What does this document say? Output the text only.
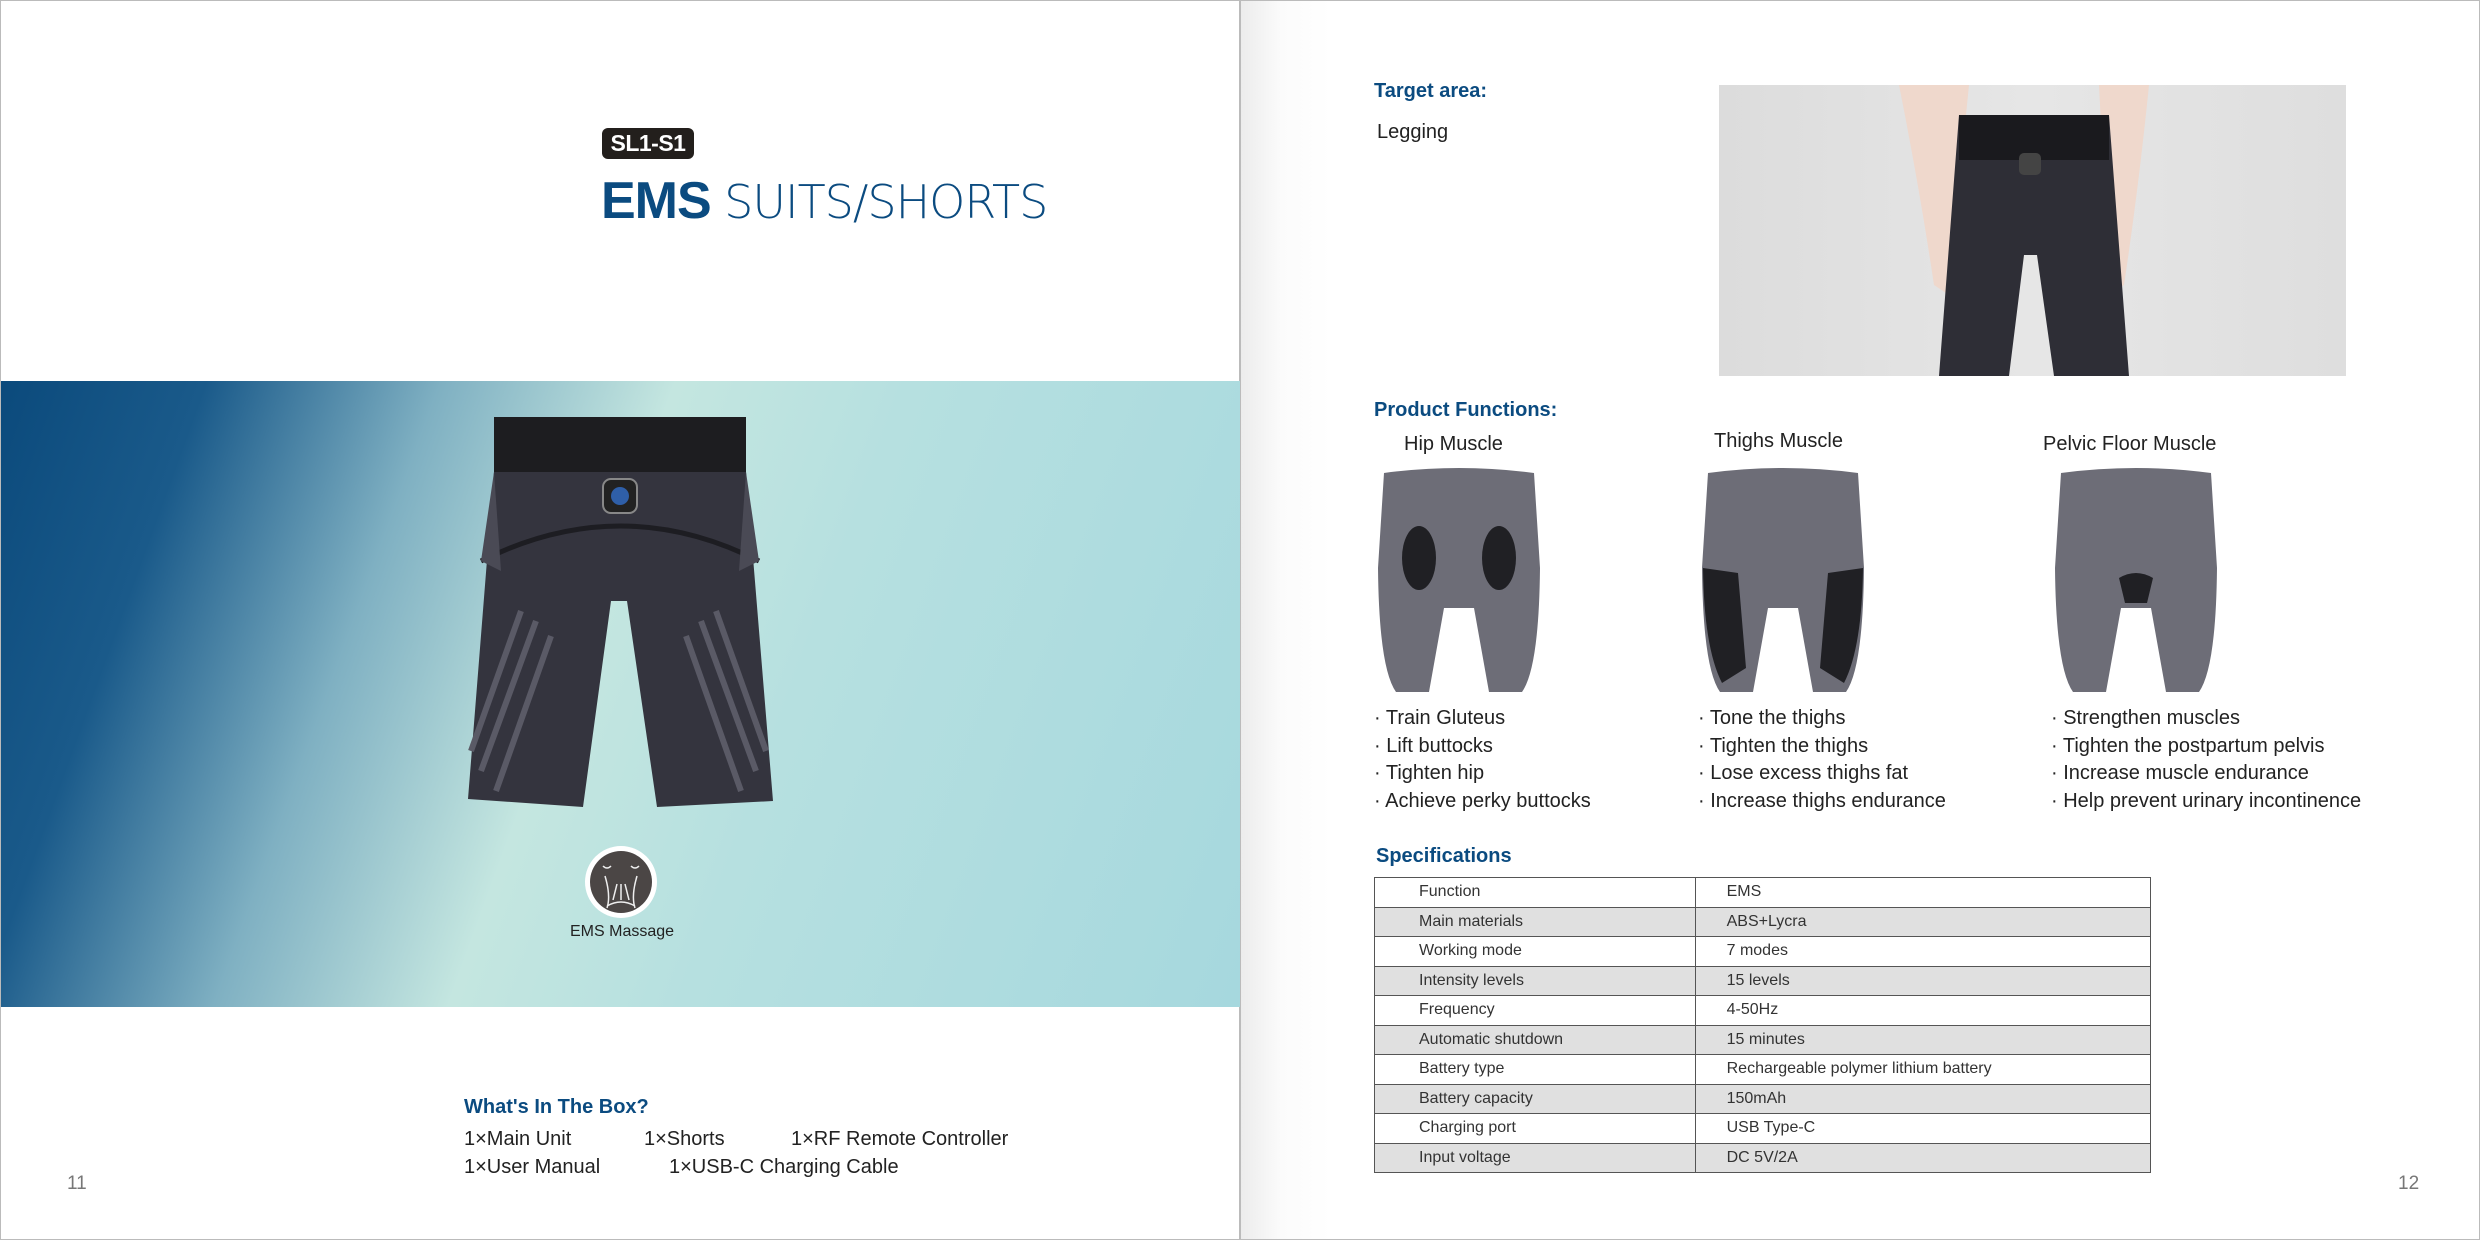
SL1-S1
EMS SUITS/SHORTS
EMS Massage
What's In The Box?
1×Main Unit	1×Shorts	1×RF Remote Controller
1×User Manual	1×USB-C Charging Cable
11
Target area:
Legging
Product Functions:
Hip Muscle	Thighs Muscle	Pelvic Floor Muscle
· Train Gluteus
· Lift buttocks
· Tighten hip
· Achieve perky buttocks
· Tone the thighs
· Tighten the thighs
· Lose excess thighs fat
· Increase thighs endurance
· Strengthen muscles
· Tighten the postpartum pelvis
· Increase muscle endurance
· Help prevent urinary incontinence
Specifications
Function	EMS
Main materials	ABS+Lycra
Working mode	7 modes
Intensity levels	15 levels
Frequency	4-50Hz
Automatic shutdown	15 minutes
Battery type	Rechargeable polymer lithium battery
Battery capacity	150mAh
Charging port	USB Type-C
Input voltage	DC 5V/2A
12
